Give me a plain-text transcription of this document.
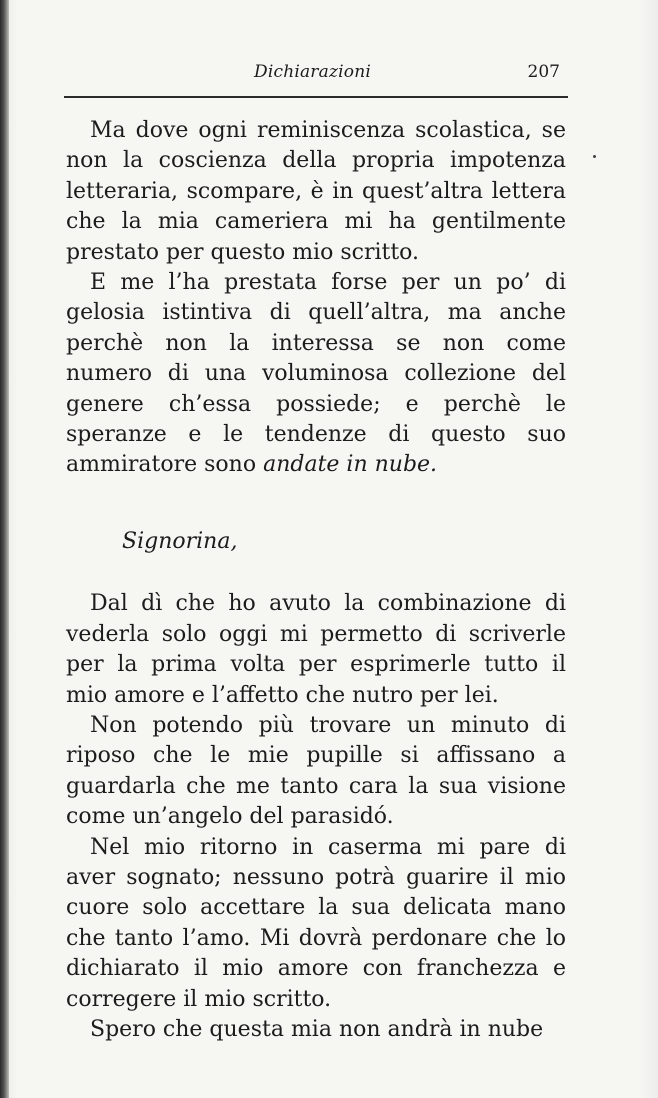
Dichiarazioni	207

Ma dove ogni reminiscenza scolastica, se non la coscienza della propria impotenza letteraria, scompare, è in quest’altra lettera che la mia cameriera mi ha gentilmente prestato per questo mio scritto.

E me l’ha prestata forse per un po’ di gelosia istintiva di quell’altra, ma anche perchè non la interessa se non come numero di una voluminosa collezione del genere ch’essa possiede; e perchè le speranze e le tendenze di questo suo ammiratore sono andate in nube.

Signorina,

Dal dì che ho avuto la combinazione di vederla solo oggi mi permetto di scriverle per la prima volta per esprimerle tutto il mio amore e l’affetto che nutro per lei.

Non potendo più trovare un minuto di riposo che le mie pupille si affissano a guardarla che me tanto cara la sua visione come un’angelo del parasidó.

Nel mio ritorno in caserma mi pare di aver sognato; nessuno potrà guarire il mio cuore solo accettare la sua delicata mano che tanto l’amo. Mi dovrà perdonare che lo dichiarato il mio amore con franchezza e corregere il mio scritto.

Spero che questa mia non andrà in nube
